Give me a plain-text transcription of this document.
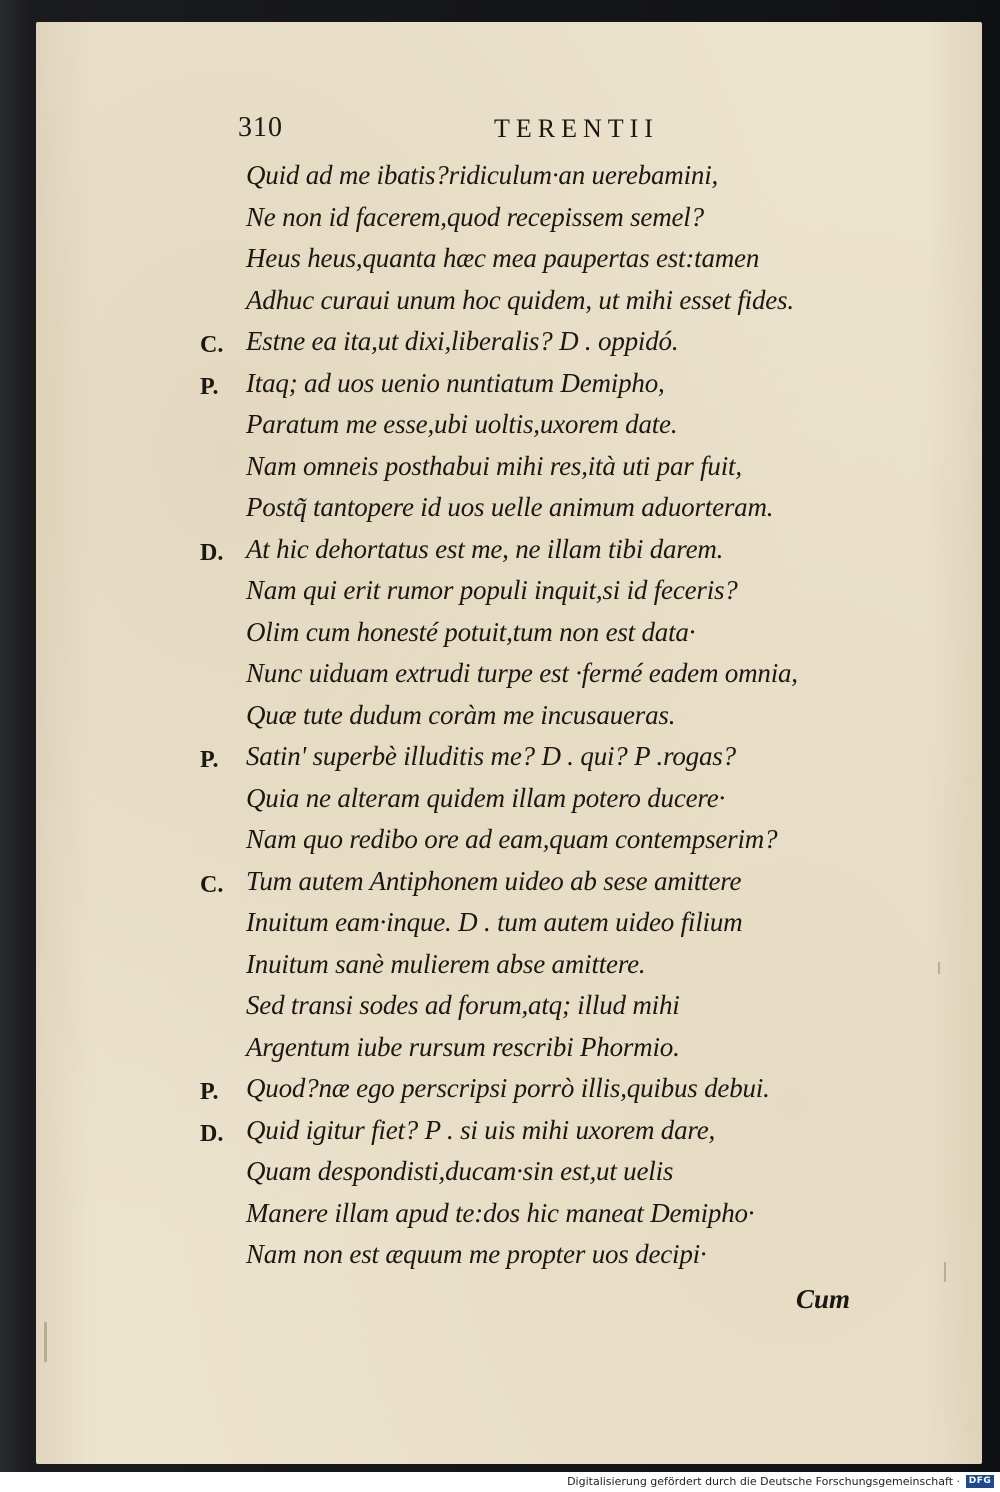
310	TERENTII
Quid ad me ibatis?ridiculum·an uerebamini,
Ne non id facerem,quod recepissem semel?
Heus heus,quanta hæc mea paupertas est:tamen
Adhuc curaui unum hoc quidem, ut mihi esset fides.
C. Estne ea ita,ut dixi,liberalis? D . oppidó.
P.	Itaq; ad uos uenio nuntiatum Demipho,
Paratum me esse,ubi uoltis,uxorem date.
Nam omneis posthabui mihi res,ità uti par fuit,
Postq̃ tantopere id uos uelle animum aduorteram.
D. At hic dehortatus est me, ne illam tibi darem.
Nam qui erit rumor populi inquit,si id feceris?
Olim cum honesté potuit,tum non est data·
Nunc uiduam extrudi turpe est ·fermé eadem omnia,
Quæ tute dudum coràm me incusaueras.
P.	Satin' superbè illuditis me? D . qui? P .rogas?
Quia ne alteram quidem illam potero ducere·
Nam quo redibo ore ad eam,quam contempserim?
C. Tum autem Antiphonem uideo ab sese amittere
Inuitum eam·inque. D . tum autem uideo filium
Inuitum sanè mulierem abse amittere.
Sed transi sodes ad forum,atq; illud mihi
Argentum iube rursum rescribi Phormio.
P.	Quod?næ ego perscripsi porrò illis,quibus debui.
D. Quid igitur fiet? P . si uis mihi uxorem dare,
Quam despondisti,ducam·sin est,ut uelis
Manere illam apud te:dos hic maneat Demipho·
Nam non est æquum me propter uos decipi·
Cum
Digitalisierung gefördert durch die Deutsche Forschungsgemeinschaft · DFG
